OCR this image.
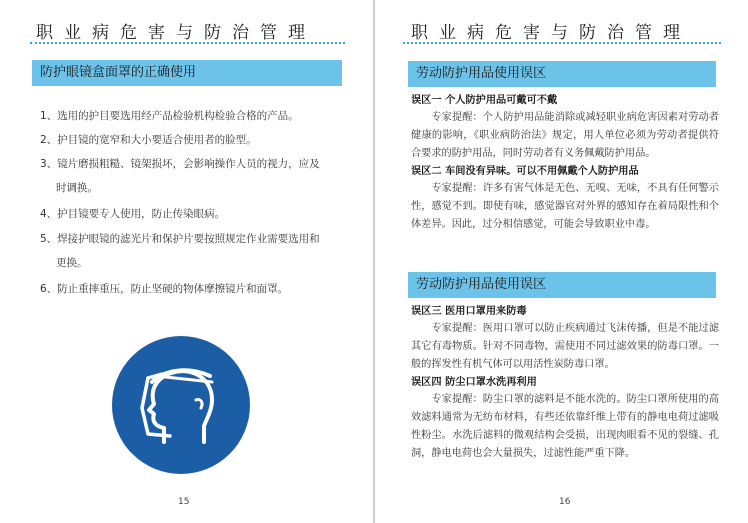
职业病危害与防治管理
防护眼镜盒面罩的正确使用
1、选用的护目要选用经产品检验机构检验合格的产品。
2、护目镜的宽窄和大小要适合使用者的脸型。
3、镜片磨损粗糙、镜架损坏，会影响操作人员的视力，应及
时调换。
4、护目镜要专人使用，防止传染眼病。
5、焊接护眼镜的滤光片和保护片要按照规定作业需要选用和
更换。
6、防止重摔重压，防止坚硬的物体摩擦镜片和面罩。
15
职业病危害与防治管理
劳动防护用品使用误区
误区一 个人防护用品可戴可不戴
专家提醒：个人防护用品能消除或减轻职业病危害因素对劳动者健康的影响，《职业病防治法》规定，用人单位必须为劳动者提供符合要求的防护用品，同时劳动者有义务佩戴防护用品。
误区二 车间没有异味。可以不用佩戴个人防护用品
专家提醒：许多有害气体是无色、无嗅、无味，不具有任何警示性，感觉不到。即使有味，感觉器官对外界的感知存在着局限性和个体差异。因此，过分相信感觉，可能会导致职业中毒。
劳动防护用品使用误区
误区三 医用口罩用来防毒
专家提醒：医用口罩可以防止疾病通过飞沫传播，但是不能过滤其它有毒物质。针对不同毒物，需使用不同过滤效果的防毒口罩。一般的挥发性有机气体可以用活性炭防毒口罩。
误区四 防尘口罩水洗再利用
专家提醒：防尘口罩的滤料是不能水洗的。防尘口罩所使用的高效滤料通常为无纺布材料，有些还依靠纤维上带有的静电电荷过滤吸性粉尘。水洗后滤料的微观结构会受损，出现肉眼看不见的裂缝、孔洞，静电电荷也会大量损失，过滤性能严重下降。
16
